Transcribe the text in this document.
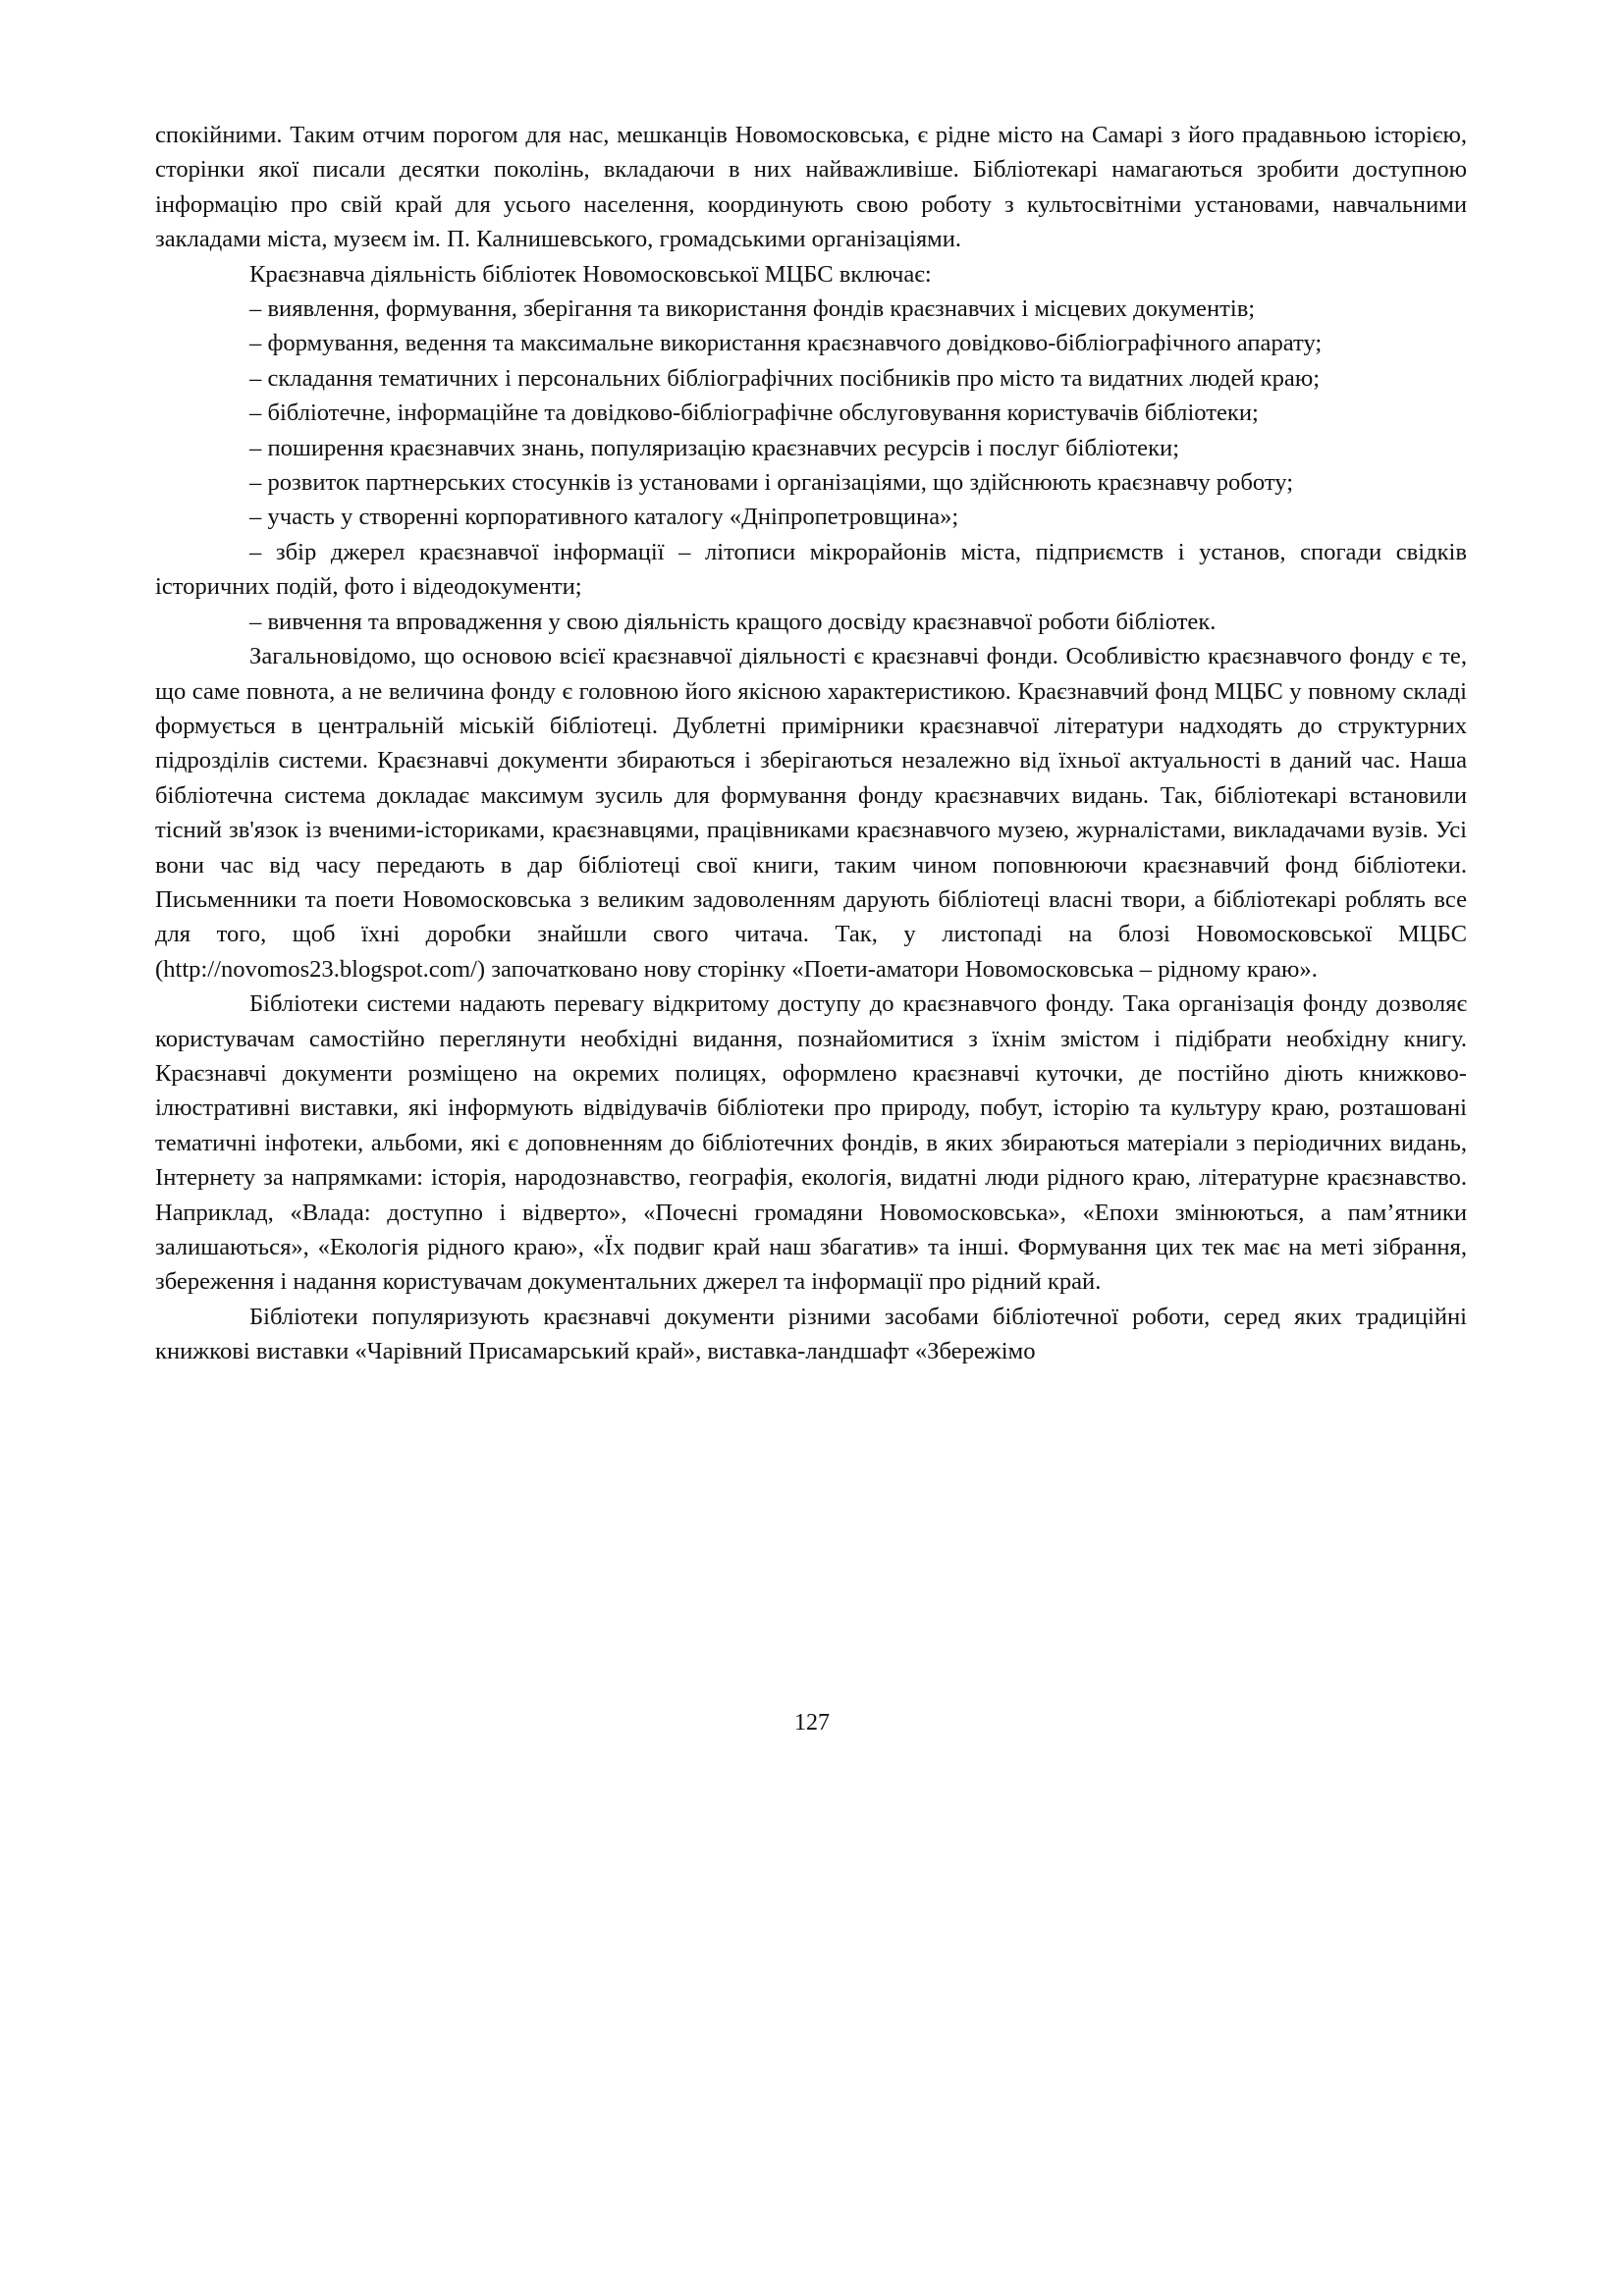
спокійними. Таким отчим порогом для нас, мешканців Новомосковська, є рідне місто на Самарі з його прадавньою історією, сторінки якої писали десятки поколінь, вкладаючи в них найважливіше. Бібліотекарі намагаються зробити доступною інформацію про свій край для усього населення, координують свою роботу з культосвітніми установами, навчальними закладами міста, музеєм ім. П. Калнишевського, громадськими організаціями.

Краєзнавча діяльність бібліотек Новомосковської МЦБС включає:

– виявлення, формування, зберігання та використання фондів краєзнавчих і місцевих документів;

– формування, ведення та максимальне використання краєзнавчого довідково-бібліографічного апарату;

– складання тематичних і персональних бібліографічних посібників про місто та видатних людей краю;

– бібліотечне, інформаційне та довідково-бібліографічне обслуговування користувачів бібліотеки;

– поширення краєзнавчих знань, популяризацію краєзнавчих ресурсів і послуг бібліотеки;

– розвиток партнерських стосунків із установами і організаціями, що здійснюють краєзнавчу роботу;

– участь у створенні корпоративного каталогу «Дніпропетровщина»;

– збір джерел краєзнавчої інформації – літописи мікрорайонів міста, підприємств і установ, спогади свідків історичних подій, фото і відеодокументи;

– вивчення та впровадження у свою діяльність кращого досвіду краєзнавчої роботи бібліотек.

Загальновідомо, що основою всієї краєзнавчої діяльності є краєзнавчі фонди. Особливістю краєзнавчого фонду є те, що саме повнота, а не величина фонду є головною його якісною характеристикою. Краєзнавчий фонд МЦБС у повному складі формується в центральній міській бібліотеці. Дублетні примірники краєзнавчої літератури надходять до структурних підрозділів системи. Краєзнавчі документи збираються і зберігаються незалежно від їхньої актуальності в даний час. Наша бібліотечна система докладає максимум зусиль для формування фонду краєзнавчих видань. Так, бібліотекарі встановили тісний зв'язок із вченими-істориками, краєзнавцями, працівниками краєзнавчого музею, журналістами, викладачами вузів. Усі вони час від часу передають в дар бібліотеці свої книги, таким чином поповнюючи краєзнавчий фонд бібліотеки. Письменники та поети Новомосковська з великим задоволенням дарують бібліотеці власні твори, а бібліотекарі роблять все для того, щоб їхні доробки знайшли свого читача. Так, у листопаді на блозі Новомосковської МЦБС (http://novomos23.blogspot.com/) започатковано нову сторінку «Поети-аматори Новомосковська – рідному краю».

Бібліотеки системи надають перевагу відкритому доступу до краєзнавчого фонду. Така організація фонду дозволяє користувачам самостійно переглянути необхідні видання, познайомитися з їхнім змістом і підібрати необхідну книгу. Краєзнавчі документи розміщено на окремих полицях, оформлено краєзнавчі куточки, де постійно діють книжково-ілюстративні виставки, які інформують відвідувачів бібліотеки про природу, побут, історію та культуру краю, розташовані тематичні інфотеки, альбоми, які є доповненням до бібліотечних фондів, в яких збираються матеріали з періодичних видань, Інтернету за напрямками: історія, народознавство, географія, екологія, видатні люди рідного краю, літературне краєзнавство. Наприклад, «Влада: доступно і відверто», «Почесні громадяни Новомосковська», «Епохи змінюються, а пам’ятники залишаються», «Екологія рідного краю», «Їх подвиг край наш збагатив» та інші. Формування цих тек має на меті зібрання, збереження і надання користувачам документальних джерел та інформації про рідний край.

Бібліотеки популяризують краєзнавчі документи різними засобами бібліотечної роботи, серед яких традиційні книжкові виставки «Чарівний Присамарський край», виставка-ландшафт «Збережімо

127
